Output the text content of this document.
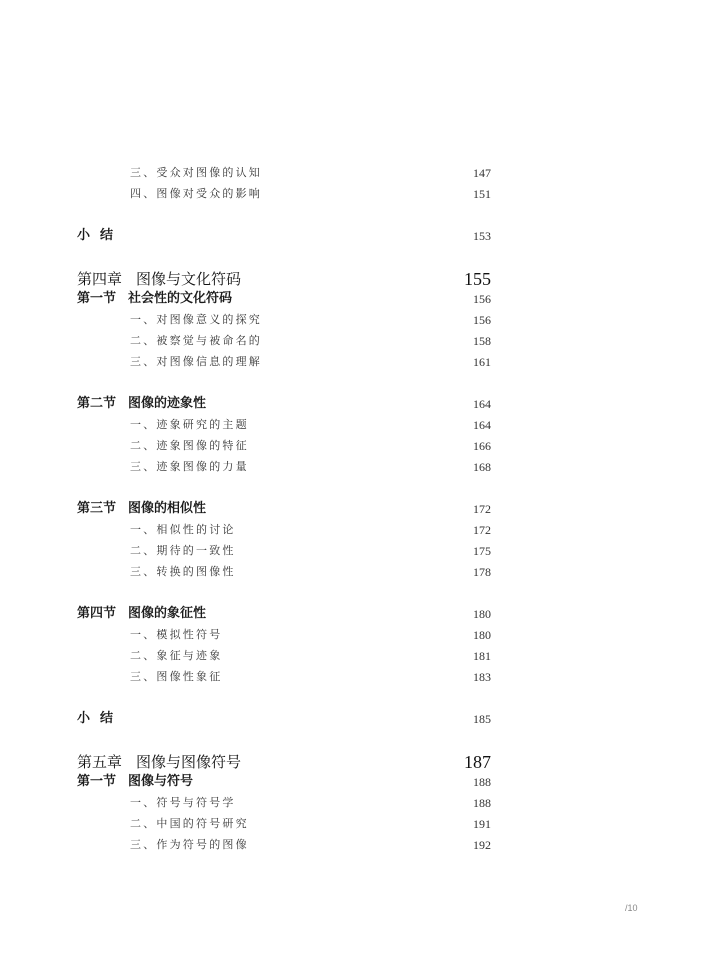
三、受众对图像的认知	147
四、图像对受众的影响	151
小结	153
第四章 图像与文化符码	155
第一节 社会性的文化符码	156
一、对图像意义的探究	156
二、被察觉与被命名的	158
三、对图像信息的理解	161
第二节 图像的迹象性	164
一、迹象研究的主题	164
二、迹象图像的特征	166
三、迹象图像的力量	168
第三节 图像的相似性	172
一、相似性的讨论	172
二、期待的一致性	175
三、转换的图像性	178
第四节 图像的象征性	180
一、模拟性符号	180
二、象征与迹象	181
三、图像性象征	183
小结	185
第五章 图像与图像符号	187
第一节 图像与符号	188
一、符号与符号学	188
二、中国的符号研究	191
三、作为符号的图像	192
/10
